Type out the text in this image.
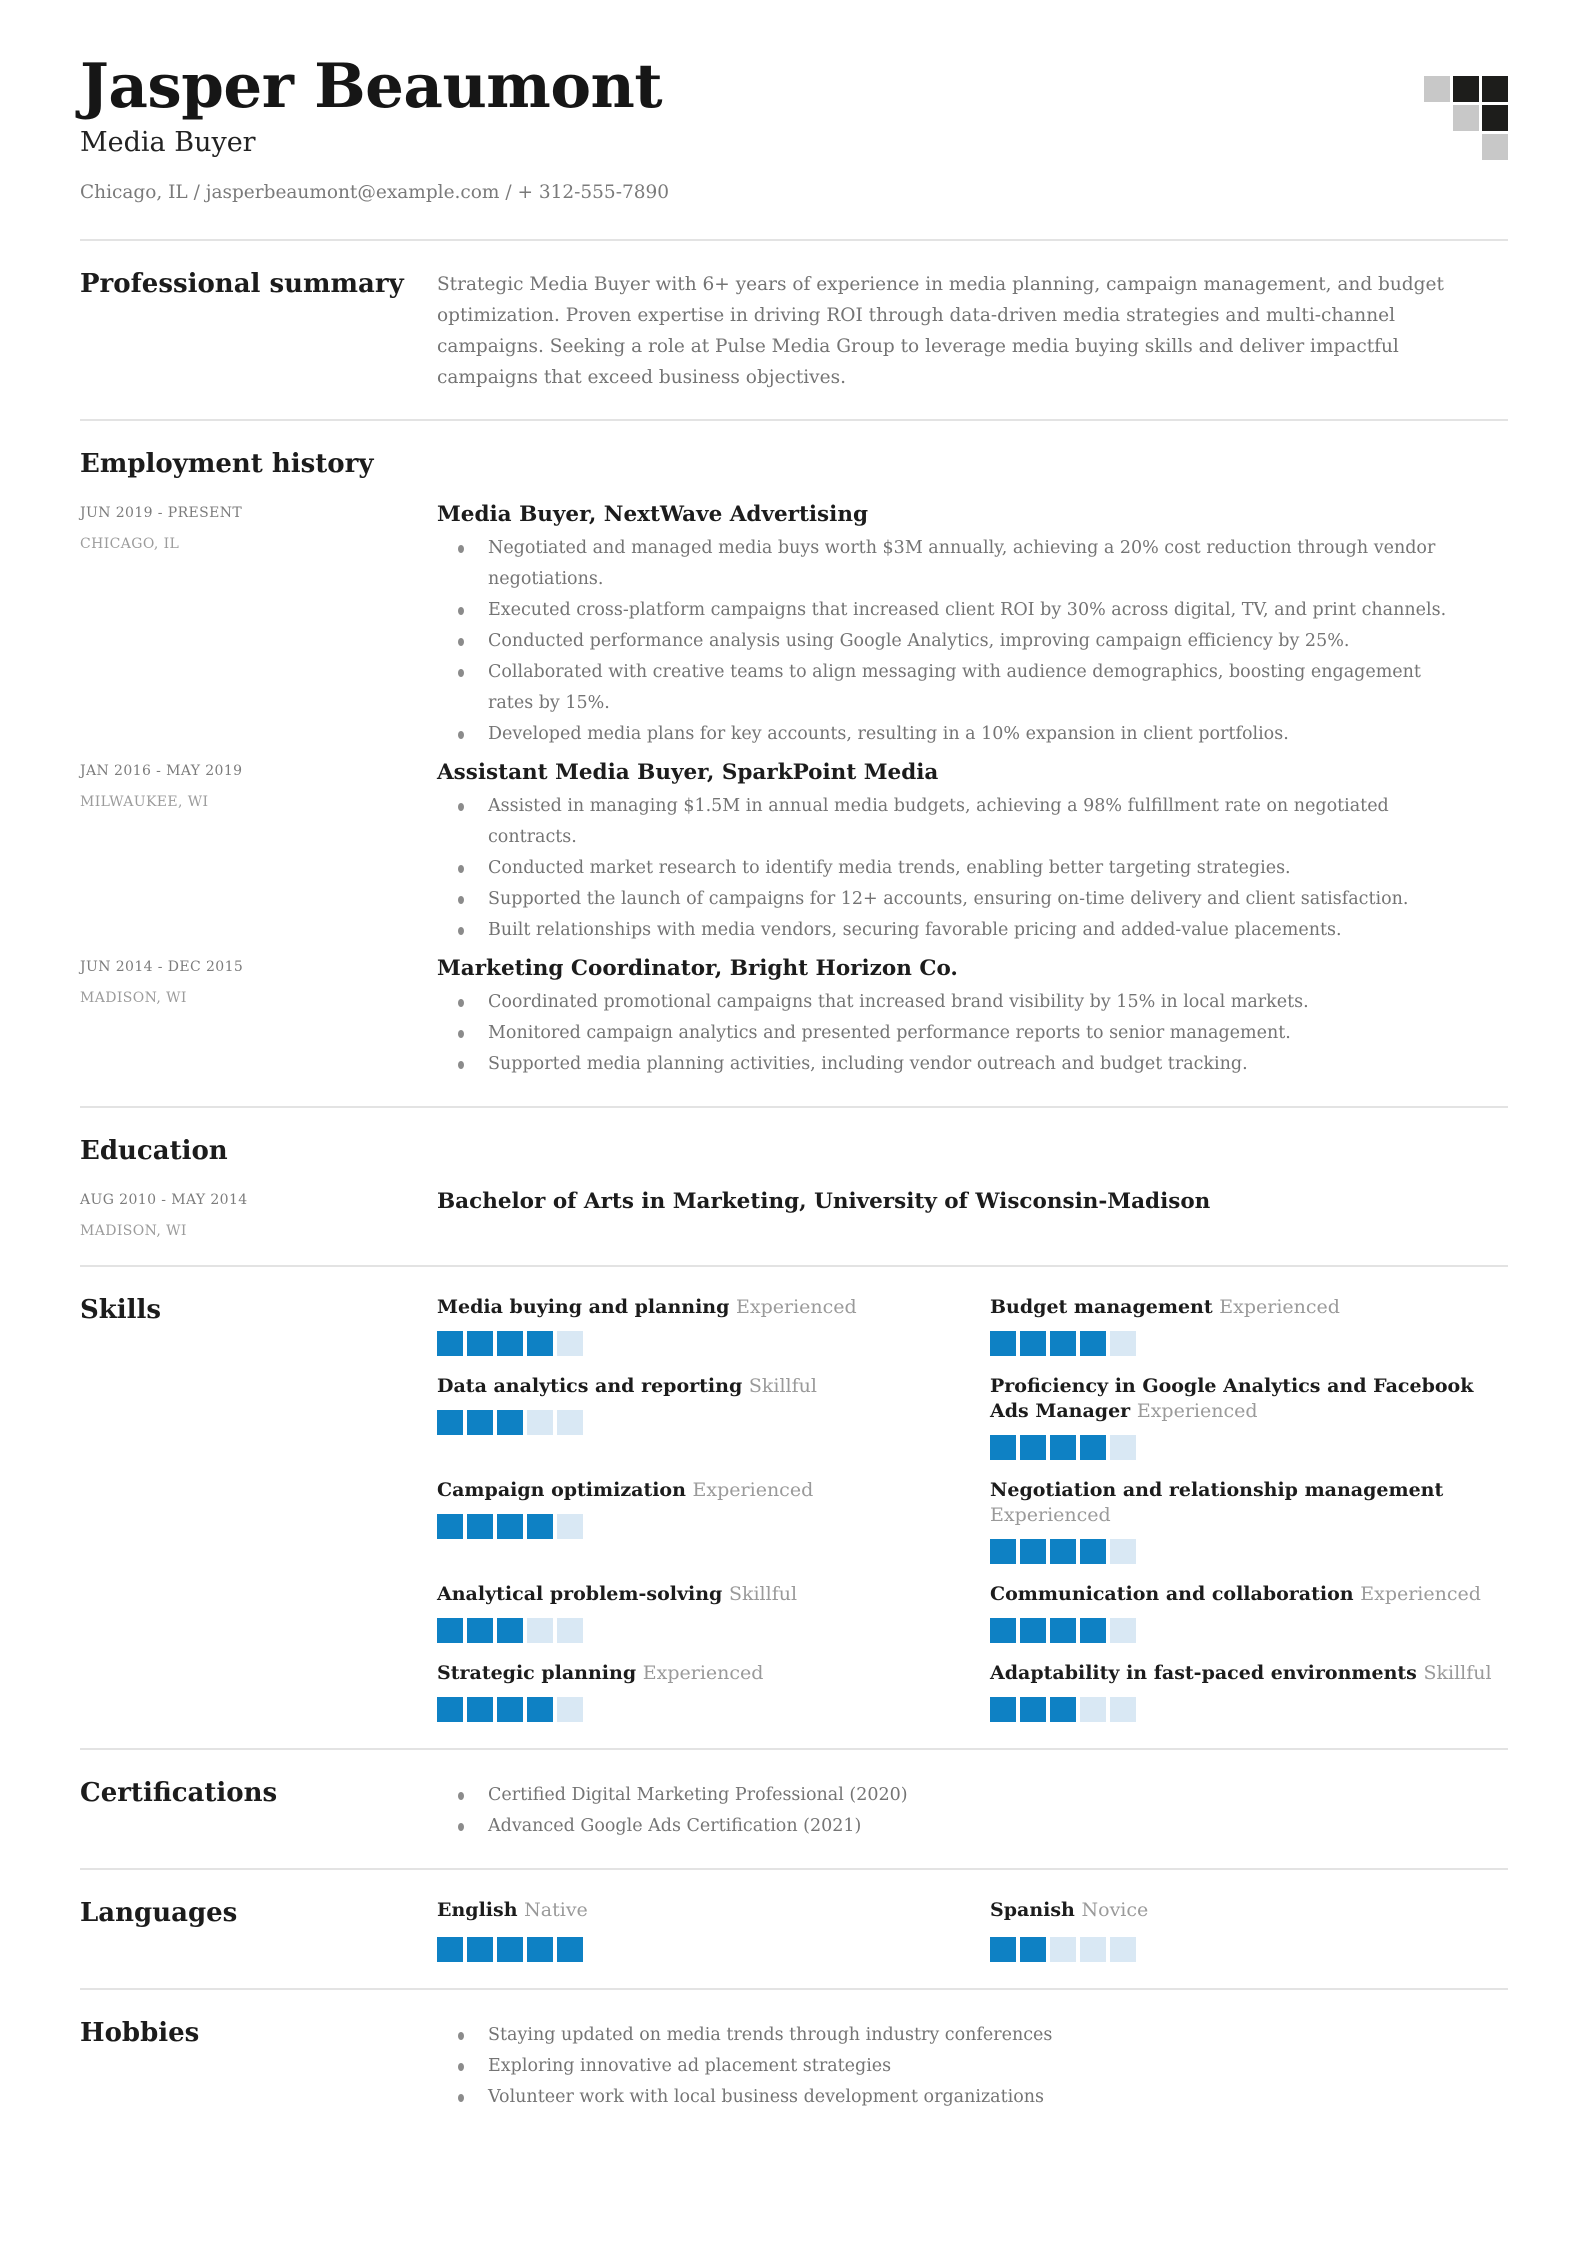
Jasper Beaumont
Media Buyer
Chicago, IL / jasperbeaumont@example.com / + 312-555-7890
Professional summary	Strategic Media Buyer with 6+ years of experience in media planning, campaign management, and budget optimization. Proven expertise in driving ROI through data-driven media strategies and multi-channel campaigns. Seeking a role at Pulse Media Group to leverage media buying skills and deliver impactful campaigns that exceed business objectives.

Employment history
JUN 2019 - PRESENT
CHICAGO, IL
Media Buyer, NextWave Advertising
Negotiated and managed media buys worth $3M annually, achieving a 20% cost reduction through vendor negotiations.
Executed cross-platform campaigns that increased client ROI by 30% across digital, TV, and print channels.
Conducted performance analysis using Google Analytics, improving campaign efficiency by 25%.
Collaborated with creative teams to align messaging with audience demographics, boosting engagement rates by 15%.
Developed media plans for key accounts, resulting in a 10% expansion in client portfolios.
JAN 2016 - MAY 2019
MILWAUKEE, WI
Assistant Media Buyer, SparkPoint Media
Assisted in managing $1.5M in annual media budgets, achieving a 98% fulfillment rate on negotiated contracts.
Conducted market research to identify media trends, enabling better targeting strategies.
Supported the launch of campaigns for 12+ accounts, ensuring on-time delivery and client satisfaction.
Built relationships with media vendors, securing favorable pricing and added-value placements.
JUN 2014 - DEC 2015
MADISON, WI
Marketing Coordinator, Bright Horizon Co.
Coordinated promotional campaigns that increased brand visibility by 15% in local markets.
Monitored campaign analytics and presented performance reports to senior management.
Supported media planning activities, including vendor outreach and budget tracking.
Education
AUG 2010 - MAY 2014
MADISON, WI
Bachelor of Arts in Marketing, University of Wisconsin-Madison
Skills	Media buying and planning Experienced	Budget management Experienced
Data analytics and reporting Skillful	Proficiency in Google Analytics and Facebook Ads Manager Experienced
Campaign optimization Experienced	Negotiation and relationship management Experienced
Analytical problem-solving Skillful	Communication and collaboration Experienced
Strategic planning Experienced	Adaptability in fast-paced environments Skillful
Certifications	Certified Digital Marketing Professional (2020)
Advanced Google Ads Certification (2021)
Languages	English Native	Spanish Novice
Hobbies	Staying updated on media trends through industry conferences
Exploring innovative ad placement strategies
Volunteer work with local business development organizations
